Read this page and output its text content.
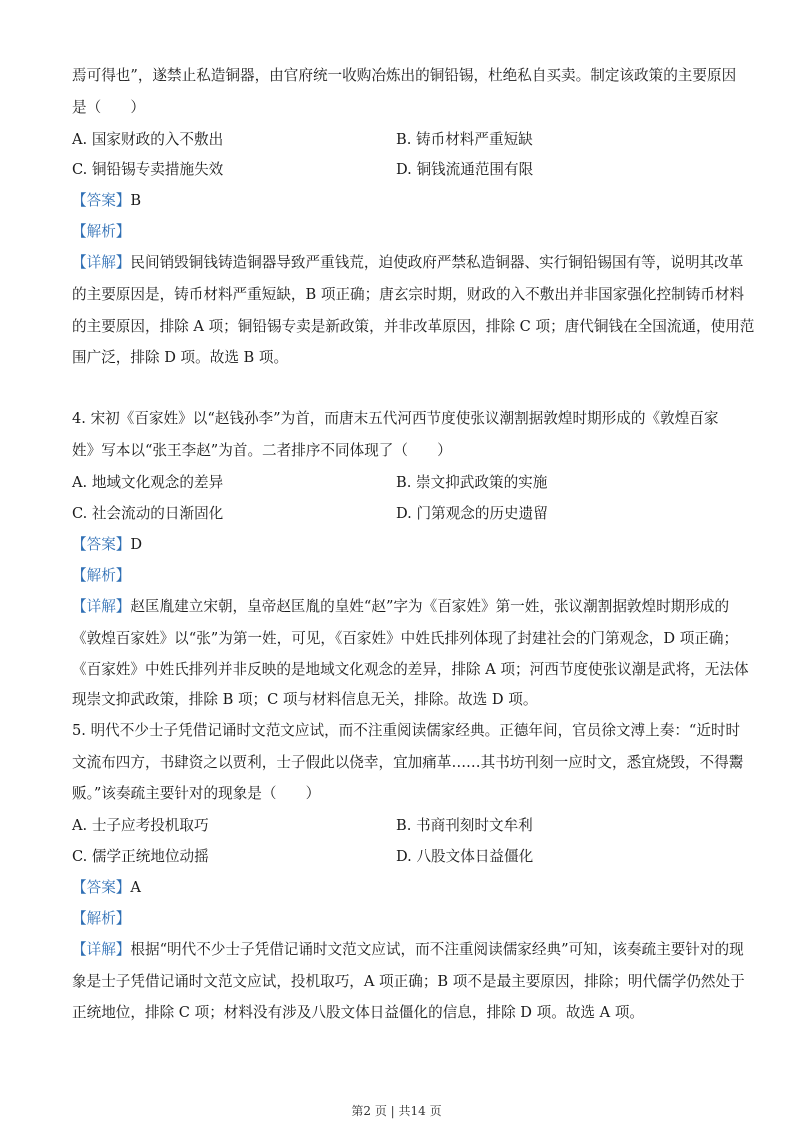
焉可得也”，遂禁止私造铜器，由官府统一收购冶炼出的铜铅锡，杜绝私自买卖。制定该政策的主要原因
是（　　）
A. 国家财政的入不敷出	B. 铸币材料严重短缺
C. 铜铅锡专卖措施失效	D. 铜钱流通范围有限
【答案】B
【解析】
【详解】民间销毁铜钱铸造铜器导致严重钱荒，迫使政府严禁私造铜器、实行铜铅锡国有等，说明其改革
的主要原因是，铸币材料严重短缺，B 项正确；唐玄宗时期，财政的入不敷出并非国家强化控制铸币材料
的主要原因，排除 A 项；铜铅锡专卖是新政策，并非改革原因，排除 C 项；唐代铜钱在全国流通，使用范
围广泛，排除 D 项。故选 B 项。
4. 宋初《百家姓》以“赵钱孙李”为首，而唐末五代河西节度使张议潮割据敦煌时期形成的《敦煌百家
姓》写本以“张王李赵”为首。二者排序不同体现了（　　）
A. 地域文化观念的差异	B. 崇文抑武政策的实施
C. 社会流动的日渐固化	D. 门第观念的历史遗留
【答案】D
【解析】
【详解】赵匡胤建立宋朝，皇帝赵匡胤的皇姓“赵”字为《百家姓》第一姓，张议潮割据敦煌时期形成的
《敦煌百家姓》以“张”为第一姓，可见，《百家姓》中姓氏排列体现了封建社会的门第观念，D 项正确；
《百家姓》中姓氏排列并非反映的是地域文化观念的差异，排除 A 项；河西节度使张议潮是武将，无法体
现崇文抑武政策，排除 B 项；C 项与材料信息无关，排除。故选 D 项。
5. 明代不少士子凭借记诵时文范文应试，而不注重阅读儒家经典。正德年间，官员徐文溥上奏：“近时时
文流布四方，书肆资之以贾利，士子假此以侥幸，宜加痛革……其书坊刊刻一应时文，悉宜烧毁，不得鬻
贩。”该奏疏主要针对的现象是（　　）
A. 士子应考投机取巧	B. 书商刊刻时文牟利
C. 儒学正统地位动摇	D. 八股文体日益僵化
【答案】A
【解析】
【详解】根据“明代不少士子凭借记诵时文范文应试，而不注重阅读儒家经典”可知，该奏疏主要针对的现
象是士子凭借记诵时文范文应试，投机取巧，A 项正确；B 项不是最主要原因，排除；明代儒学仍然处于
正统地位，排除 C 项；材料没有涉及八股文体日益僵化的信息，排除 D 项。故选 A 项。
第2 页 | 共14 页
